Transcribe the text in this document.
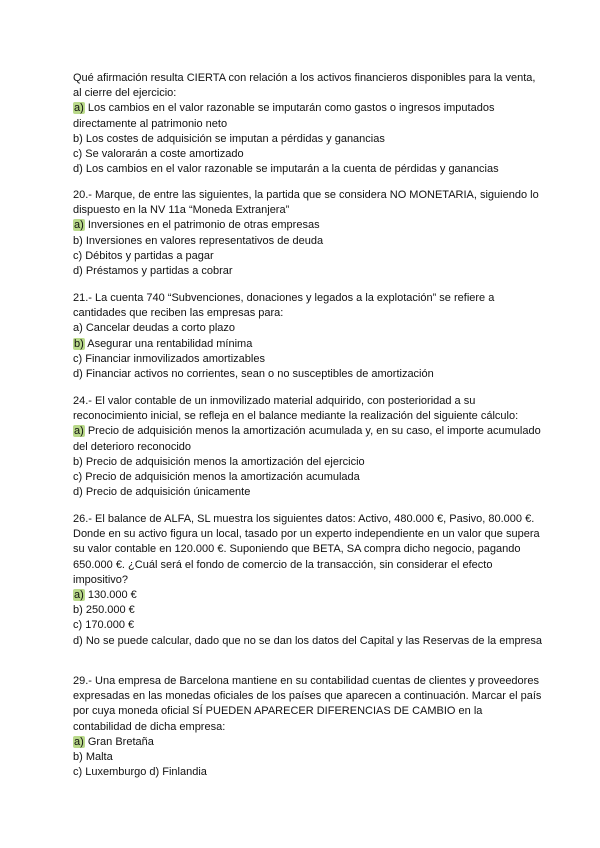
Qué afirmación resulta CIERTA con relación a los activos financieros disponibles para la venta, al cierre del ejercicio:

a) Los cambios en el valor razonable se imputarán como gastos o ingresos imputados directamente al patrimonio neto
b) Los costes de adquisición se imputan a pérdidas y ganancias
c) Se valorarán a coste amortizado
d) Los cambios en el valor razonable se imputarán a la cuenta de pérdidas y ganancias

20.- Marque, de entre las siguientes, la partida que se considera NO MONETARIA, siguiendo lo dispuesto en la NV 11a “Moneda Extranjera”

a) Inversiones en el patrimonio de otras empresas
b) Inversiones en valores representativos de deuda
c) Débitos y partidas a pagar
d) Préstamos y partidas a cobrar

21.- La cuenta 740 “Subvenciones, donaciones y legados a la explotación” se refiere a cantidades que reciben las empresas para:

a) Cancelar deudas a corto plazo
b) Asegurar una rentabilidad mínima
c) Financiar inmovilizados amortizables
d) Financiar activos no corrientes, sean o no susceptibles de amortización

24.- El valor contable de un inmovilizado material adquirido, con posterioridad a su reconocimiento inicial, se refleja en el balance mediante la realización del siguiente cálculo:

a) Precio de adquisición menos la amortización acumulada y, en su caso, el importe acumulado del deterioro reconocido
b) Precio de adquisición menos la amortización del ejercicio
c) Precio de adquisición menos la amortización acumulada
d) Precio de adquisición únicamente

26.- El balance de ALFA, SL muestra los siguientes datos: Activo, 480.000 €, Pasivo, 80.000 €. Donde en su activo figura un local, tasado por un experto independiente en un valor que supera su valor contable en 120.000 €. Suponiendo que BETA, SA compra dicho negocio, pagando 650.000 €. ¿Cuál será el fondo de comercio de la transacción, sin considerar el efecto impositivo?

a) 130.000 €
b) 250.000 €
c) 170.000 €
d) No se puede calcular, dado que no se dan los datos del Capital y las Reservas de la empresa

29.- Una empresa de Barcelona mantiene en su contabilidad cuentas de clientes y proveedores expresadas en las monedas oficiales de los países que aparecen a continuación. Marcar el país por cuya moneda oficial SÍ PUEDEN APARECER DIFERENCIAS DE CAMBIO en la contabilidad de dicha empresa:

a) Gran Bretaña
b) Malta
c) Luxemburgo d) Finlandia
